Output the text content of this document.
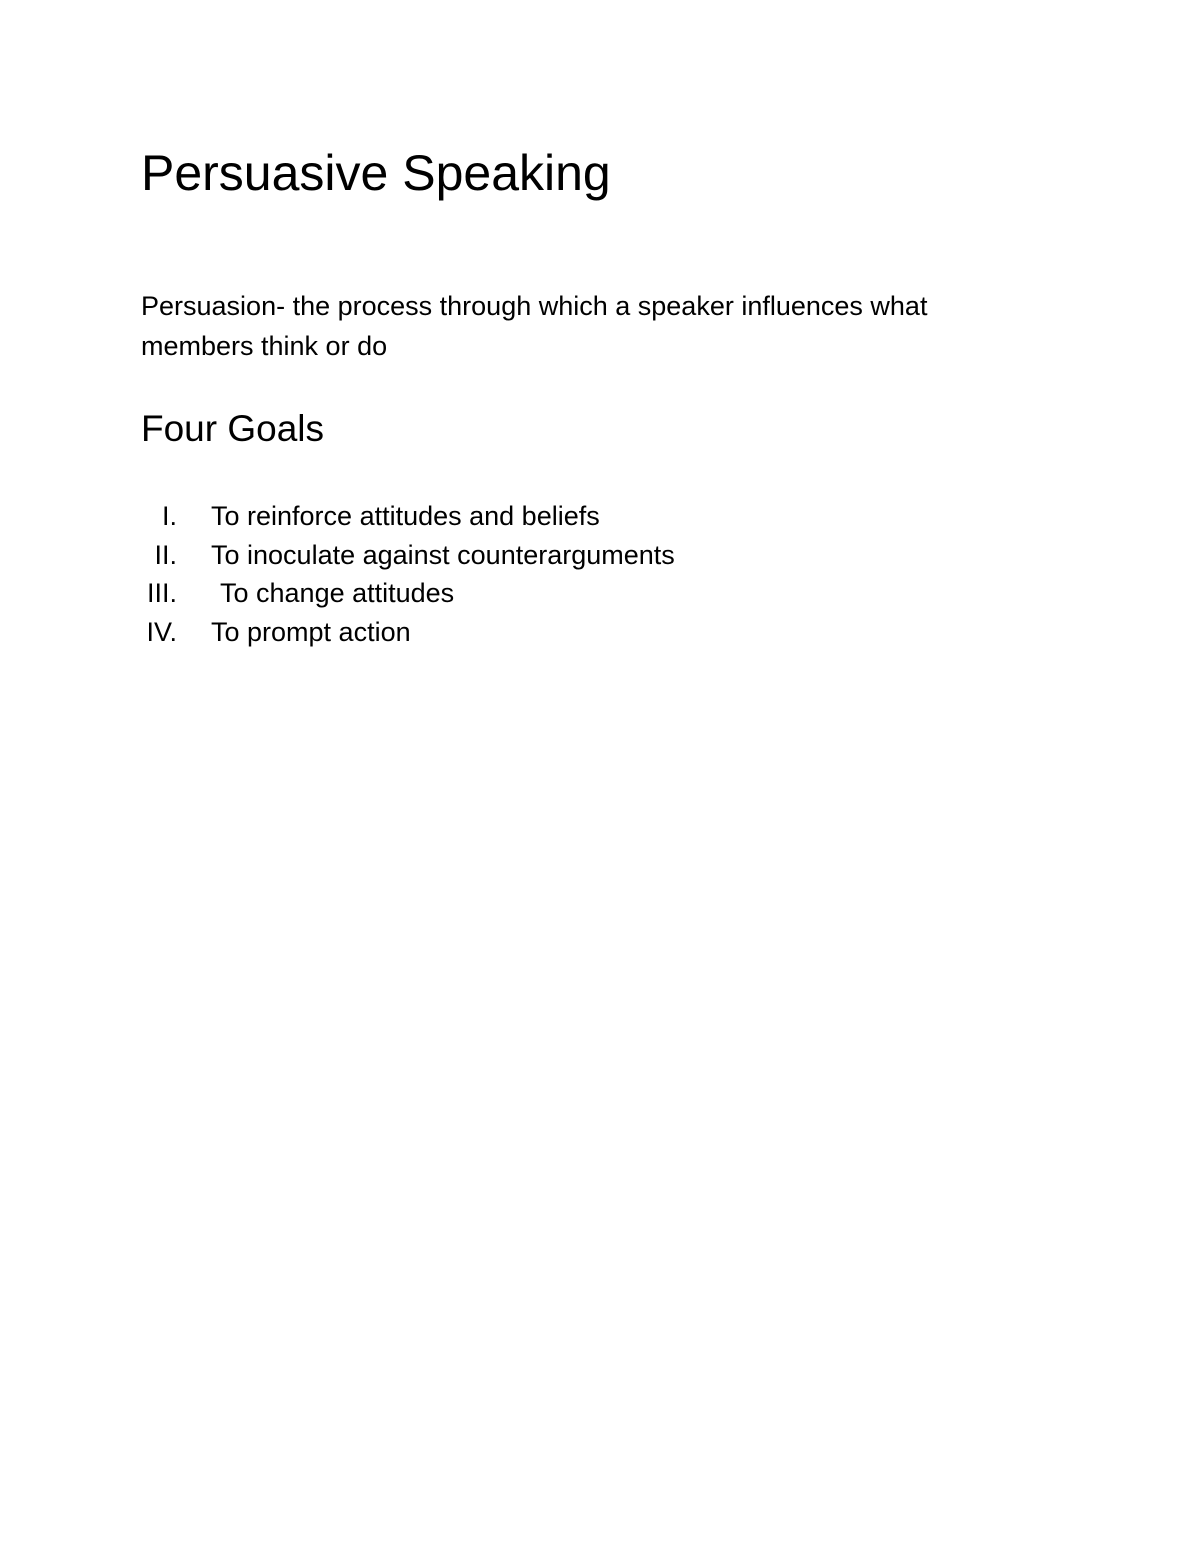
Persuasive Speaking

Persuasion- the process through which a speaker influences what
members think or do

Four Goals
I. To reinforce attitudes and beliefs
II. To inoculate against counterarguments
III. To change attitudes
IV. To prompt action
